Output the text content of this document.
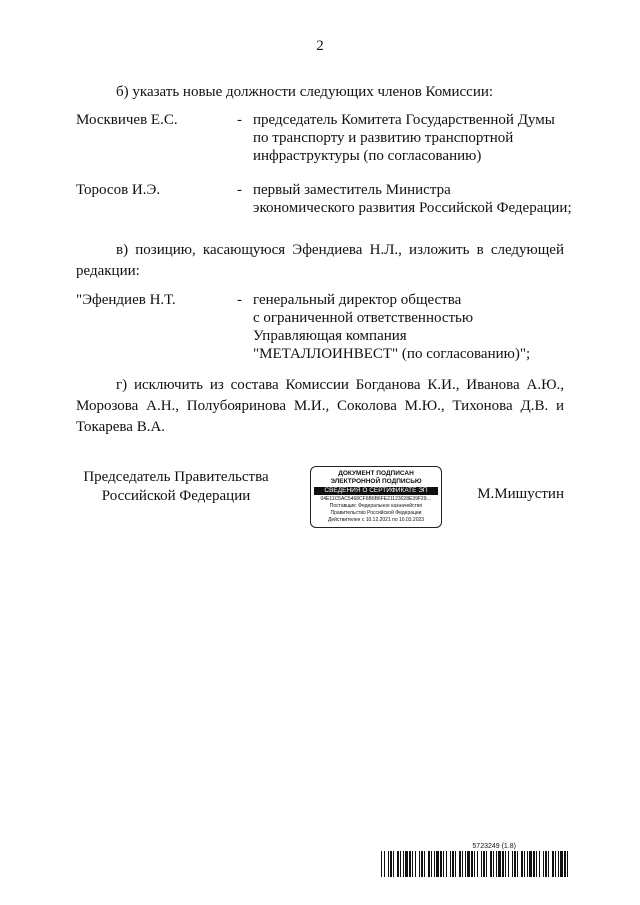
2
б) указать новые должности следующих членов Комиссии:
Москвичев Е.С.	- председатель Комитета Государственной Думы
по транспорту и развитию транспортной
инфраструктуры (по согласованию)
Торосов И.Э.	- первый заместитель Министра
экономического развития Российской Федерации;
в) позицию, касающуюся Эфендиева Н.Л., изложить в следующей редакции:
"Эфендиев Н.Т.	- генеральный директор общества
с ограниченной ответственностью
Управляющая компания
"МЕТАЛЛОИНВЕСТ" (по согласованию)";
г) исключить из состава Комиссии Богданова К.И., Иванова А.Ю., Морозова А.Н., Полубояринова М.И., Соколова М.Ю., Тихонова Д.В. и Токарева В.А.
Председатель Правительства
Российской Федерации
ДОКУМЕНТ ПОДПИСАН
ЭЛЕКТРОННОЙ ПОДПИСЬЮ
СВЕДЕНИЯ О СЕРТИФИКАТЕ ЭП
04E11C5AC5468CF6B6B6FE21123028E39F29…
Поставщик: Федеральное казначейство
Правительство Российской Федерации
Действителен с 10.12.2021 по 10.03.2023
М.Мишустин
5723249 (1.8)
